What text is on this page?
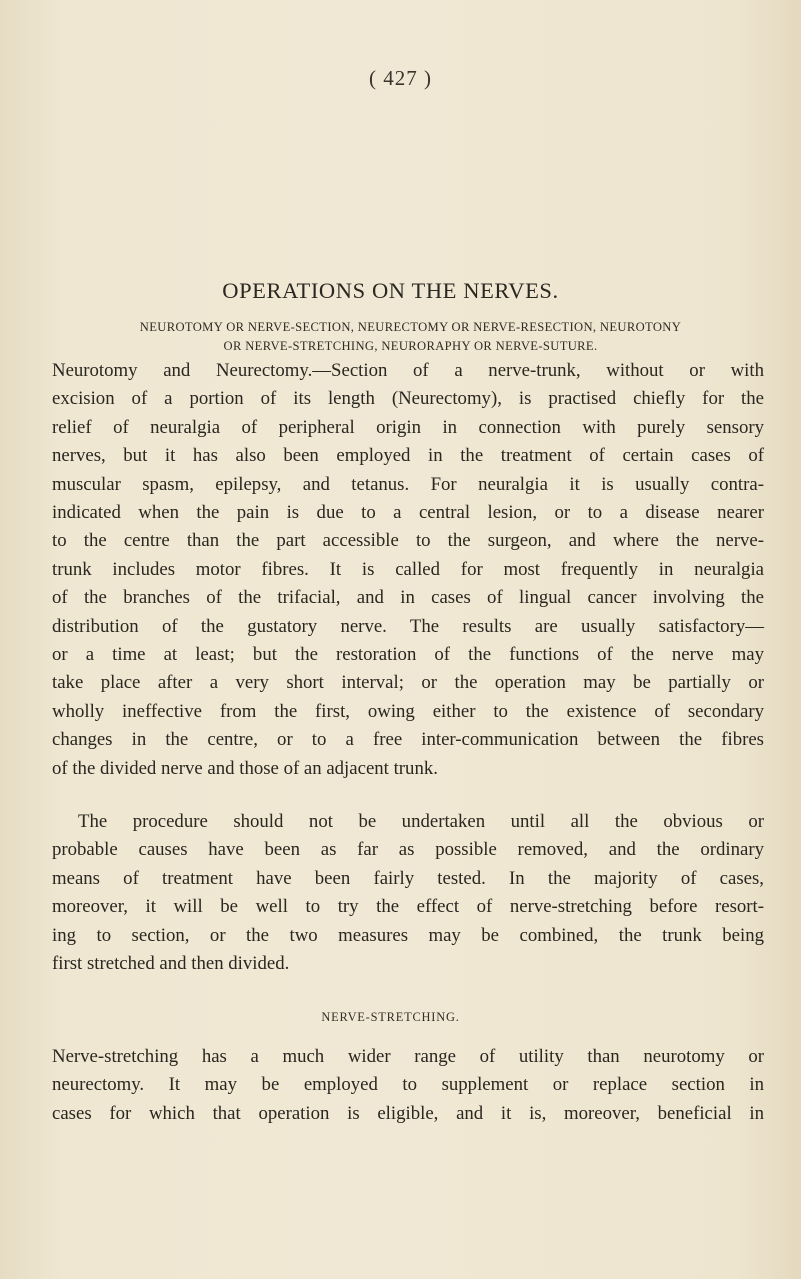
( 427 )
OPERATIONS ON THE NERVES.
NEUROTOMY OR NERVE-SECTION, NEURECTOMY OR NERVE-RESECTION, NEUROTONY
OR NERVE-STRETCHING, NEURORAPHY OR NERVE-SUTURE.
Neurotomy and Neurectomy.—Section of a nerve-trunk, without or with
excision of a portion of its length (Neurectomy), is practised chiefly for the
relief of neuralgia of peripheral origin in connection with purely sensory
nerves, but it has also been employed in the treatment of certain cases of
muscular spasm, epilepsy, and tetanus. For neuralgia it is usually contra-
indicated when the pain is due to a central lesion, or to a disease nearer
to the centre than the part accessible to the surgeon, and where the nerve-
trunk includes motor fibres. It is called for most frequently in neuralgia
of the branches of the trifacial, and in cases of lingual cancer involving the
distribution of the gustatory nerve. The results are usually satisfactory—
or a time at least; but the restoration of the functions of the nerve may
take place after a very short interval; or the operation may be partially or
wholly ineffective from the first, owing either to the existence of secondary
changes in the centre, or to a free inter-communication between the fibres
of the divided nerve and those of an adjacent trunk.
The procedure should not be undertaken until all the obvious or
probable causes have been as far as possible removed, and the ordinary
means of treatment have been fairly tested. In the majority of cases,
moreover, it will be well to try the effect of nerve-stretching before resort-
ing to section, or the two measures may be combined, the trunk being
first stretched and then divided.
NERVE-STRETCHING.
Nerve-stretching has a much wider range of utility than neurotomy or
neurectomy. It may be employed to supplement or replace section in
cases for which that operation is eligible, and it is, moreover, beneficial in
